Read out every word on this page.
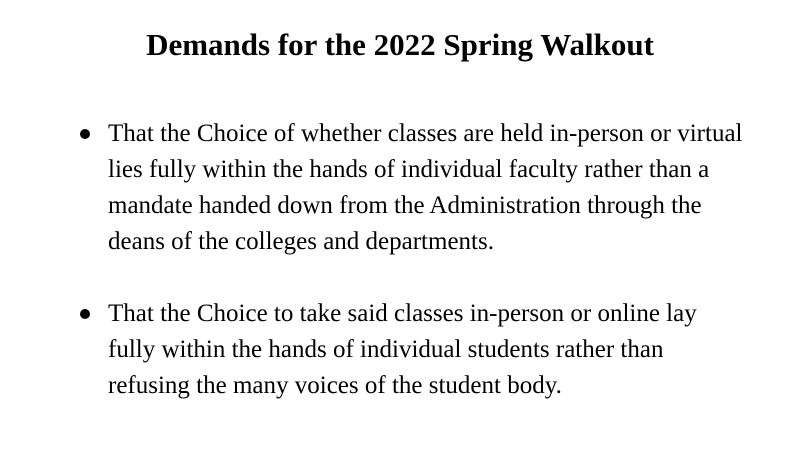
Demands for the 2022 Spring Walkout
That the Choice of whether classes are held in-person or virtual lies fully within the hands of individual faculty rather than a mandate handed down from the Administration through the deans of the colleges and departments.
That the Choice to take said classes in-person or online lay fully within the hands of individual students rather than refusing the many voices of the student body.
